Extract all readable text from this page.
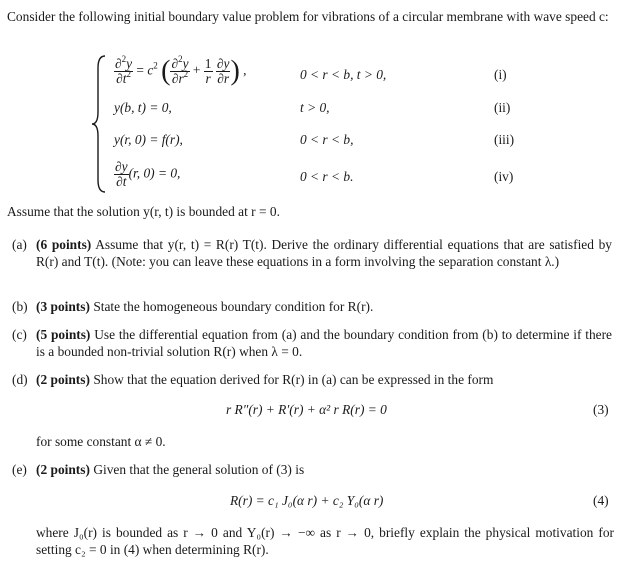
Consider the following initial boundary value problem for vibrations of a circular membrane with wave speed c:
$\frac{\partial^2y}{\partial t^2} = c^2$ ( $\frac{\partial^2y}{\partial r^2} + \frac{1}{r}$
$\frac{\partial y}{\partial r}$ ) ,	0 < r < b, t > 0,	(i)
y(b, t) = 0,	t > 0,	(ii)
y(r, 0) = f(r),	0 < r < b,	(iii)
$\frac{\partial y}{\partial t} (r$, 0) = 0,	0 < r < b.	(iv)
Assume that the solution y(r, t) is bounded at r = 0.
(a) (6 points) Assume that y(r, t) = R(r) T(t). Derive the ordinary differential equations that are satisfied by R(r) and T(t). (Note: you can leave these equations in a form involving the separation constant λ.)
(b) (3 points) State the homogeneous boundary condition for R(r).
(c) (5 points) Use the differential equation from (a) and the boundary condition from (b) to determine if there is a bounded non-trivial solution R(r) when λ = 0.
(d) (2 points) Show that the equation derived for R(r) in (a) can be expressed in the form
r R″(r) + R′(r) + α² r R(r) = 0	(3)
for some constant α ≠ 0.
(e) (2 points) Given that the general solution of (3) is
R(r) = c₁ J₀(α r) + c₂ Y₀(α r)	(4)
where J₀(r) is bounded as r → 0 and Y₀(r) → −∞ as r → 0, briefly explain the physical motivation for setting c₂ = 0 in (4) when determining R(r).
